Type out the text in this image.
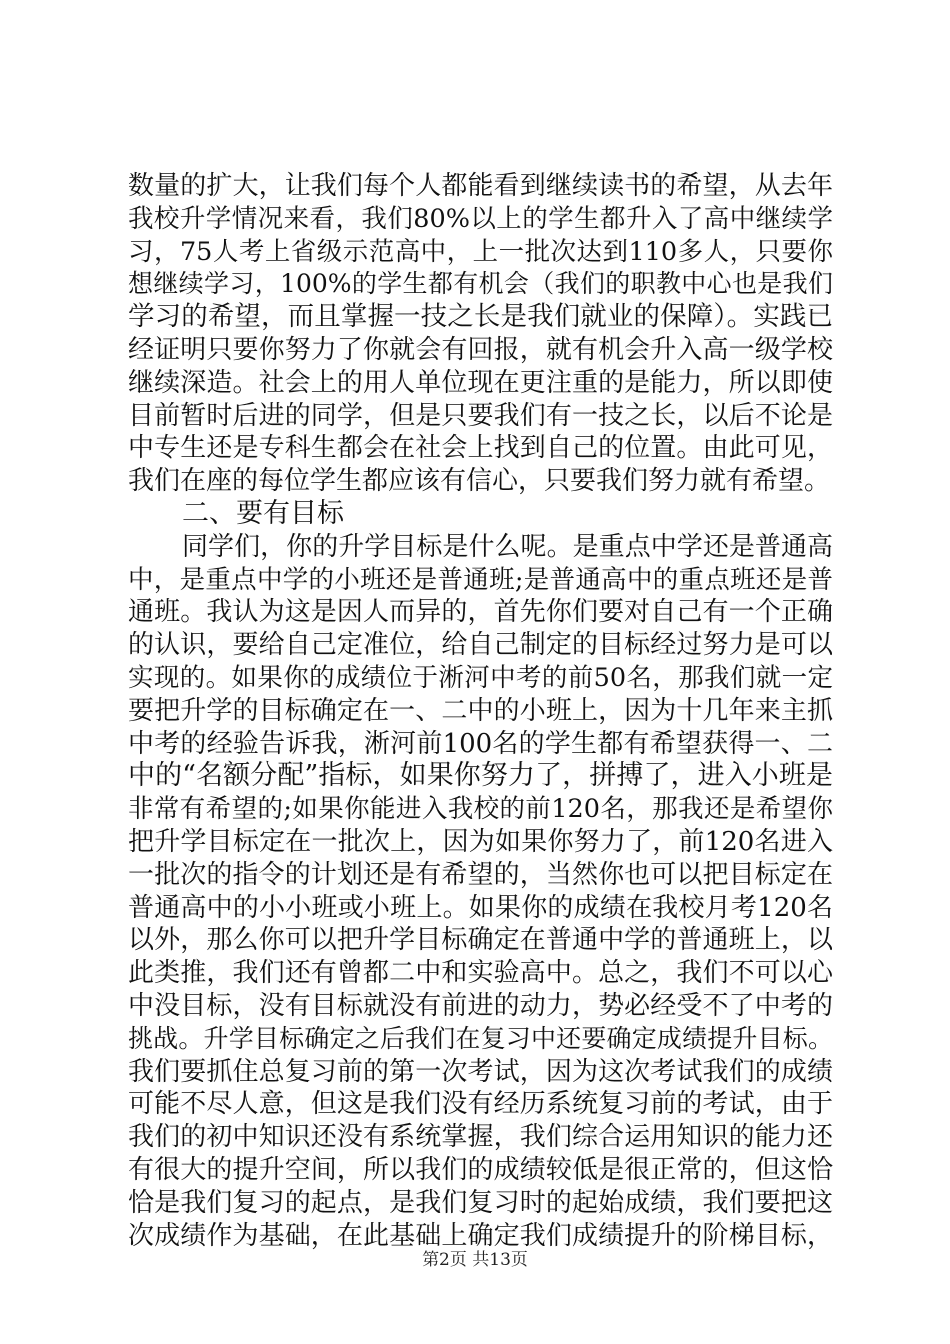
数量的扩大，让我们每个人都能看到继续读书的希望，从去年
我校升学情况来看，我们80%以上的学生都升入了高中继续学
习，75人考上省级示范高中，上一批次达到110多人，只要你
想继续学习，100%的学生都有机会（我们的职教中心也是我们
学习的希望，而且掌握一技之长是我们就业的保障）。实践已
经证明只要你努力了你就会有回报，就有机会升入高一级学校
继续深造。社会上的用人单位现在更注重的是能力，所以即使
目前暂时后进的同学，但是只要我们有一技之长，以后不论是
中专生还是专科生都会在社会上找到自己的位置。由此可见，
我们在座的每位学生都应该有信心，只要我们努力就有希望。
二、要有目标
同学们，你的升学目标是什么呢。是重点中学还是普通高
中，是重点中学的小班还是普通班;是普通高中的重点班还是普
通班。我认为这是因人而异的，首先你们要对自己有一个正确
的认识，要给自己定准位，给自己制定的目标经过努力是可以
实现的。如果你的成绩位于淅河中考的前50名，那我们就一定
要把升学的目标确定在一、二中的小班上，因为十几年来主抓
中考的经验告诉我，淅河前100名的学生都有希望获得一、二
中的“名额分配”指标，如果你努力了，拼搏了，进入小班是
非常有希望的;如果你能进入我校的前120名，那我还是希望你
把升学目标定在一批次上，因为如果你努力了，前120名进入
一批次的指令的计划还是有希望的，当然你也可以把目标定在
普通高中的小小班或小班上。如果你的成绩在我校月考120名
以外，那么你可以把升学目标确定在普通中学的普通班上，以
此类推，我们还有曾都二中和实验高中。总之，我们不可以心
中没目标，没有目标就没有前进的动力，势必经受不了中考的
挑战。升学目标确定之后我们在复习中还要确定成绩提升目标。
我们要抓住总复习前的第一次考试，因为这次考试我们的成绩
可能不尽人意，但这是我们没有经历系统复习前的考试，由于
我们的初中知识还没有系统掌握，我们综合运用知识的能力还
有很大的提升空间，所以我们的成绩较低是很正常的，但这恰
恰是我们复习的起点，是我们复习时的起始成绩，我们要把这
次成绩作为基础，在此基础上确定我们成绩提升的阶梯目标，
第2页 共13页
